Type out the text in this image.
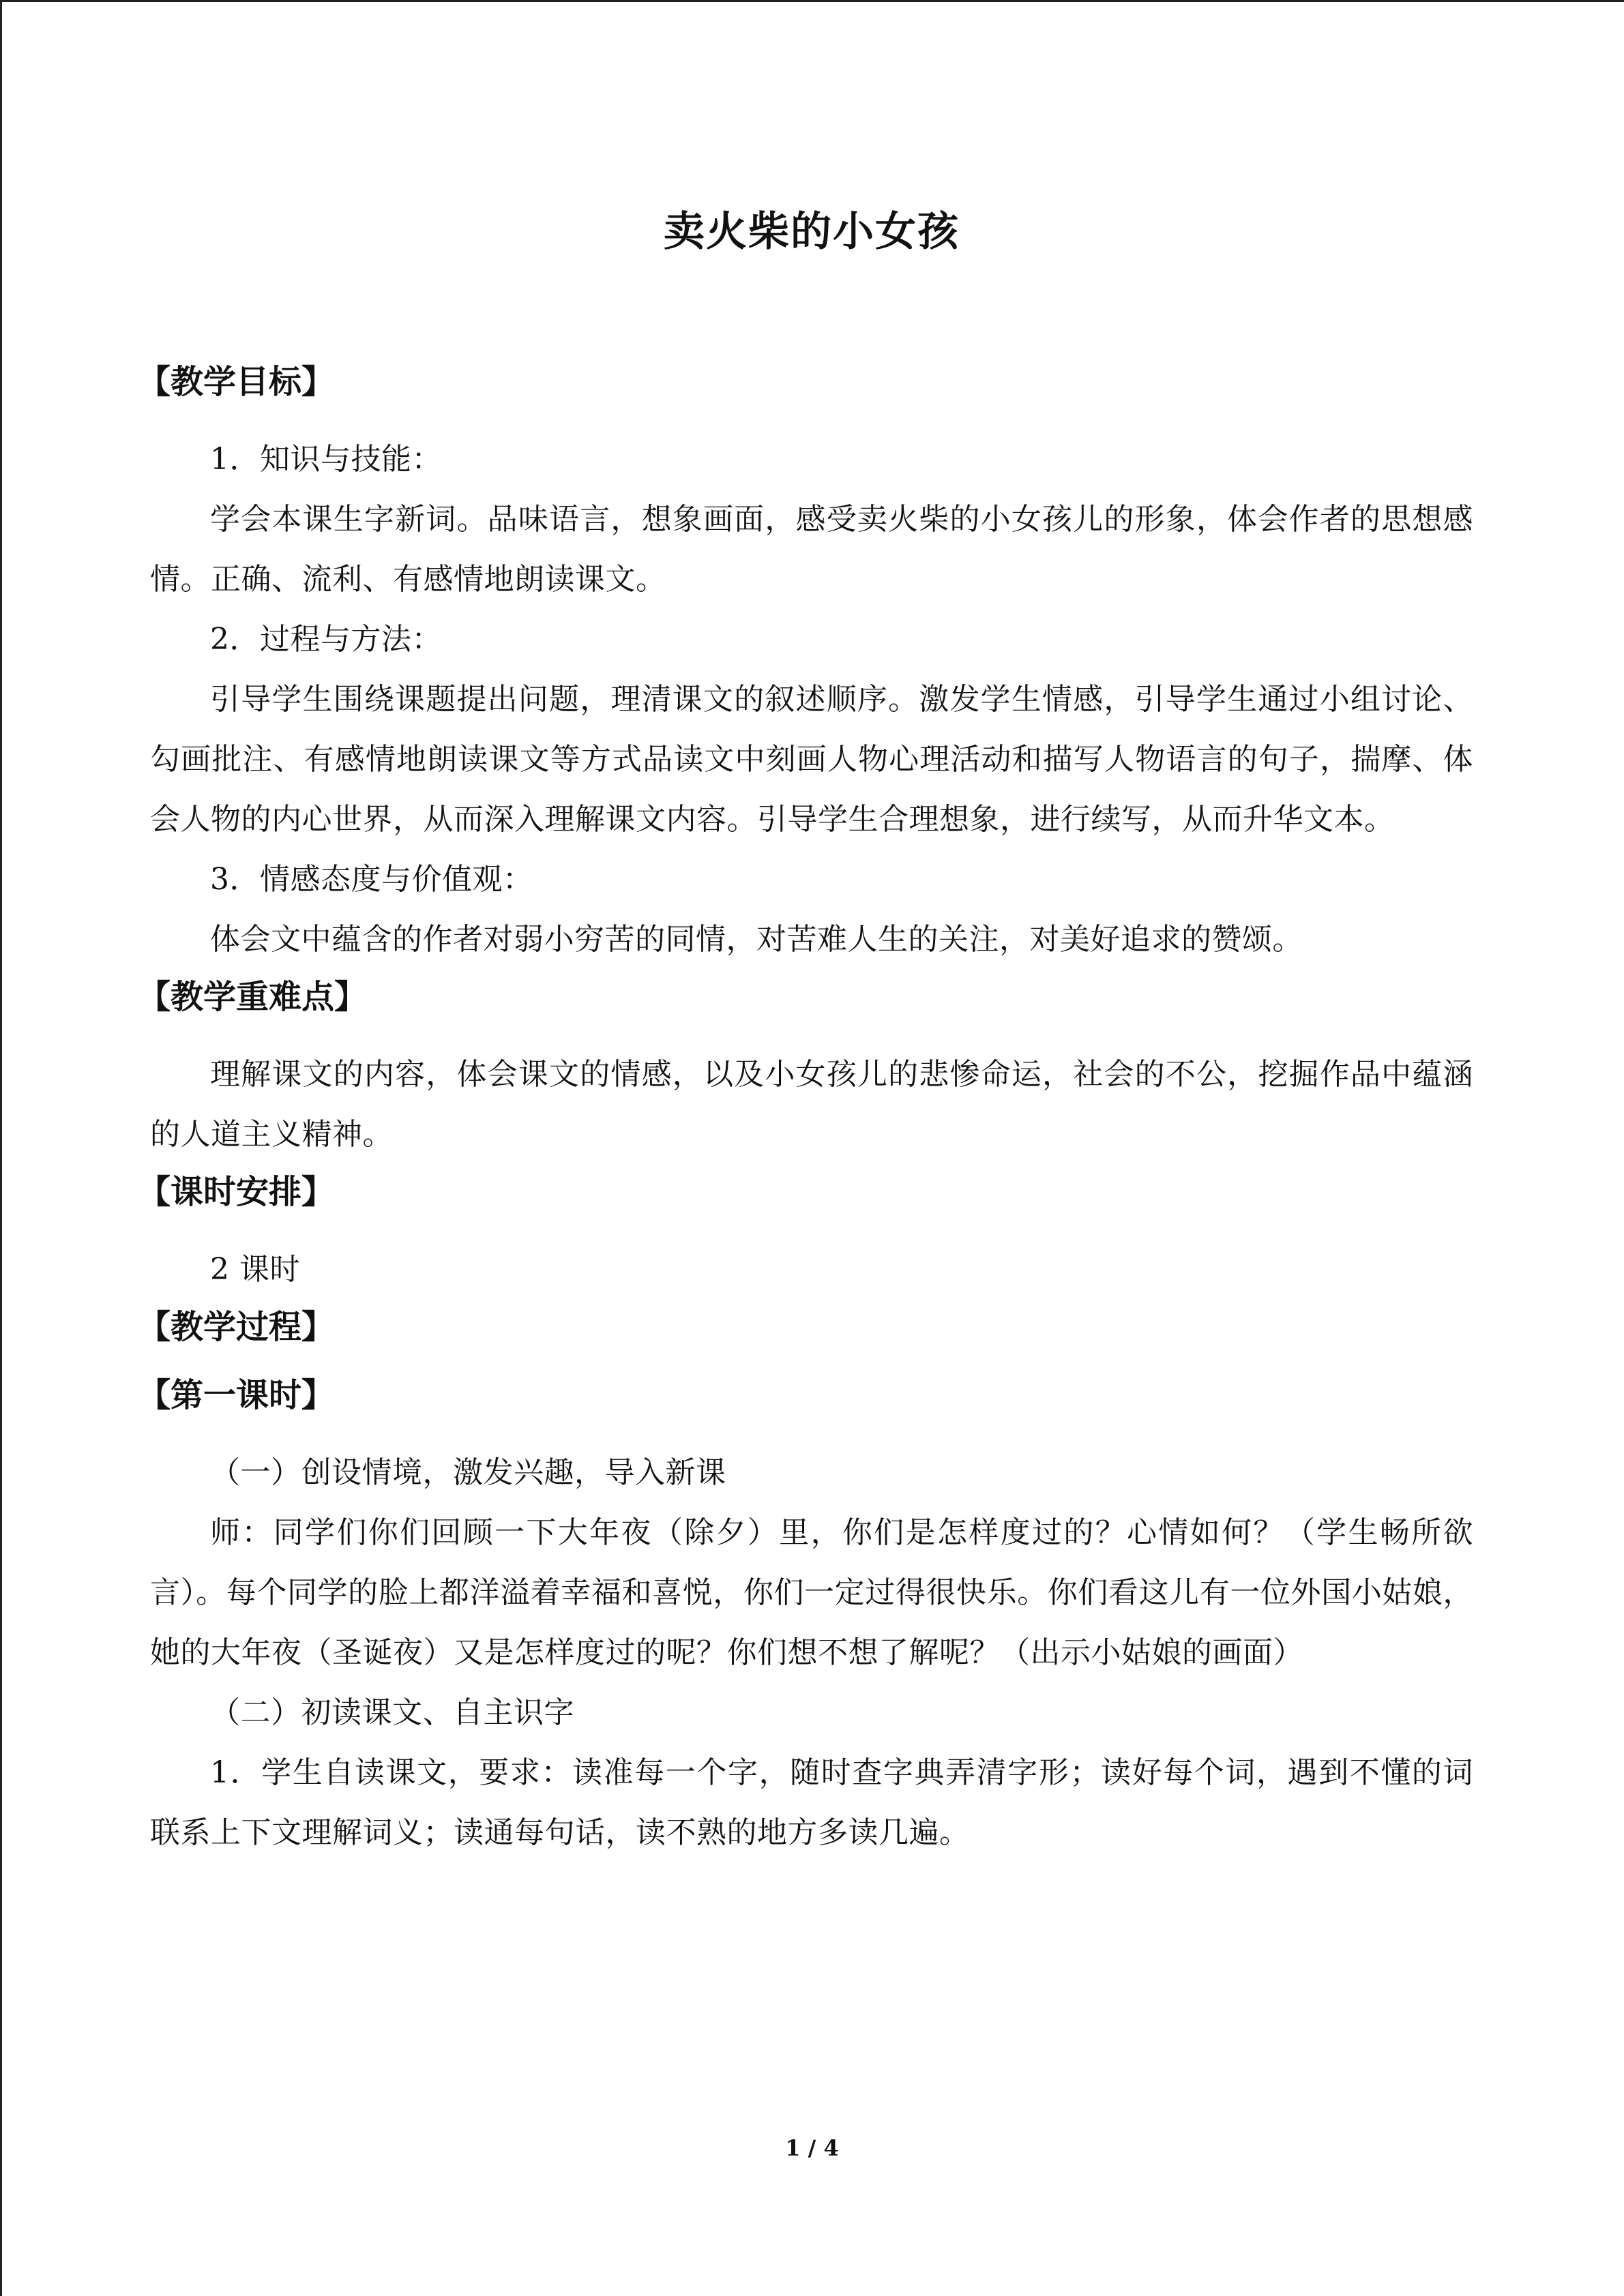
卖火柴的小女孩
【教学目标】

1．知识与技能：

学会本课生字新词。品味语言，想象画面，感受卖火柴的小女孩儿的形象，体会作者的思想感情。正确、流利、有感情地朗读课文。

2．过程与方法：

引导学生围绕课题提出问题，理清课文的叙述顺序。激发学生情感，引导学生通过小组讨论、勾画批注、有感情地朗读课文等方式品读文中刻画人物心理活动和描写人物语言的句子，揣摩、体会人物的内心世界，从而深入理解课文内容。引导学生合理想象，进行续写，从而升华文本。

3．情感态度与价值观：

体会文中蕴含的作者对弱小穷苦的同情，对苦难人生的关注，对美好追求的赞颂。

【教学重难点】

理解课文的内容，体会课文的情感，以及小女孩儿的悲惨命运，社会的不公，挖掘作品中蕴涵的人道主义精神。

【课时安排】

2 课时

【教学过程】
【第一课时】

（一）创设情境，激发兴趣，导入新课

师：同学们你们回顾一下大年夜（除夕）里，你们是怎样度过的？心情如何？（学生畅所欲言）。每个同学的脸上都洋溢着幸福和喜悦，你们一定过得很快乐。你们看这儿有一位外国小姑娘，她的大年夜（圣诞夜）又是怎样度过的呢？你们想不想了解呢？（出示小姑娘的画面）

（二）初读课文、自主识字

1．学生自读课文，要求：读准每一个字，随时查字典弄清字形；读好每个词，遇到不懂的词联系上下文理解词义；读通每句话，读不熟的地方多读几遍。

1 / 4
